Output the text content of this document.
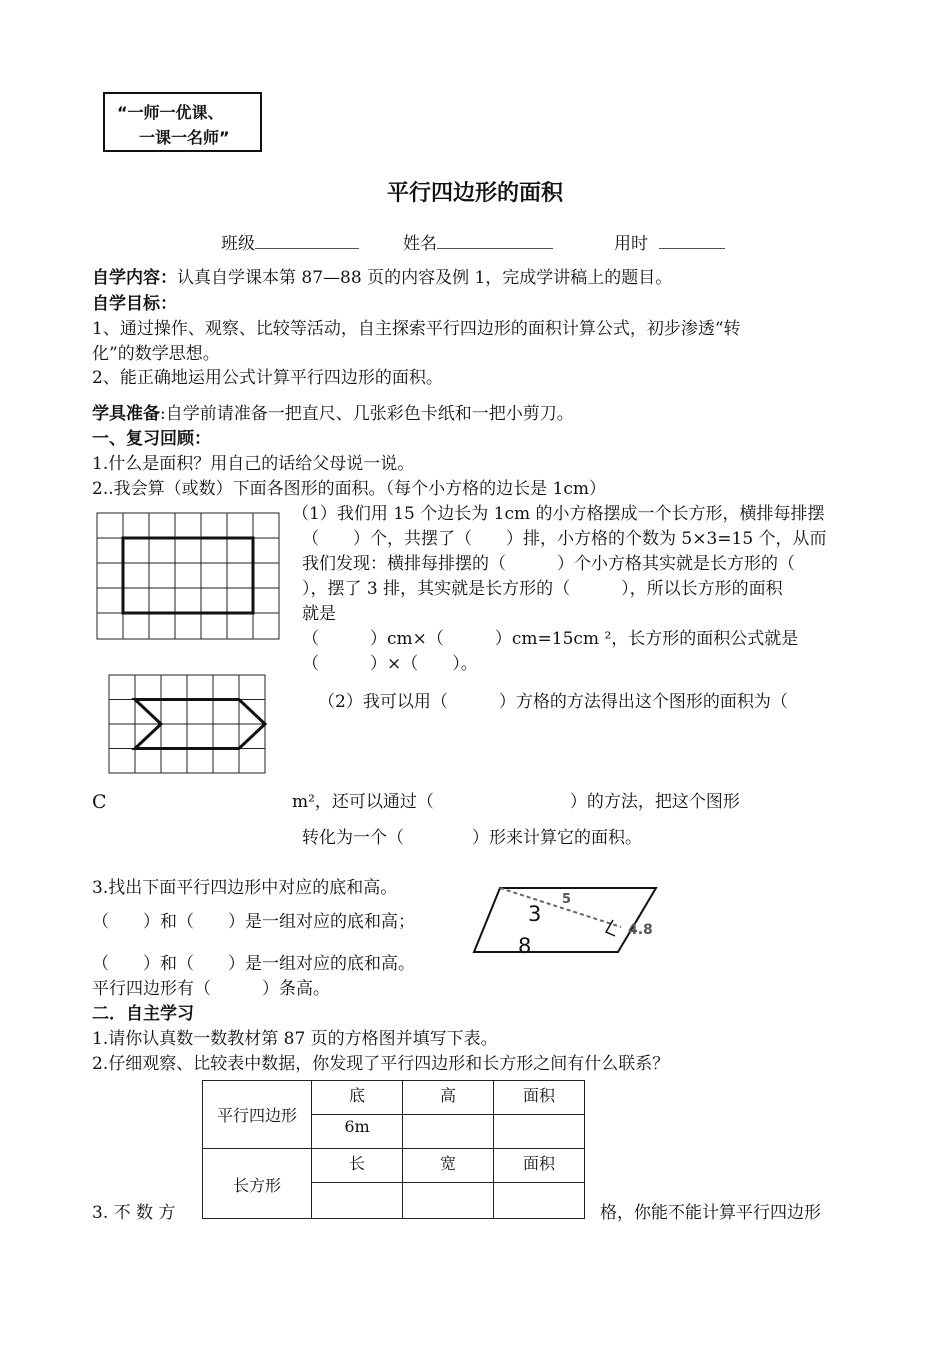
“一师一优课、
一课一名师”
平行四边形的面积
班级	姓名	用时
自学内容：认真自学课本第 87—88 页的内容及例 1，完成学讲稿上的题目。
自学目标：
1、通过操作、观察、比较等活动，自主探索平行四边形的面积计算公式，初步渗透“转
化”的数学思想。
2、能正确地运用公式计算平行四边形的面积。
学具准备:自学前请准备一把直尺、几张彩色卡纸和一把小剪刀。
一、复习回顾：
1.什么是面积？用自己的话给父母说一说。
2..我会算（或数）下面各图形的面积。（每个小方格的边长是 1cm）
（1）我们用 15 个边长为 1cm 的小方格摆成一个长方形，横排每排摆
（　　）个，共摆了（　　）排，小方格的个数为 5×3=15 个，从而
我们发现：横排每排摆的（　　　）个小方格其实就是长方形的（
），摆了 3 排，其实就是长方形的（　　　），所以长方形的面积
就是
（　　　）cm×（　　　）cm=15cm ²，长方形的面积公式就是
（　　　）×（　　）。
（2）我可以用（　　　）方格的方法得出这个图形的面积为（
C	m²，还可以通过（　　　　　　　　）的方法，把这个图形
转化为一个（　　　　）形来计算它的面积。
3.找出下面平行四边形中对应的底和高。
（　　）和（　　）是一组对应的底和高；
（　　）和（　　）是一组对应的底和高。
平行四边形有（　　　）条高。
5
4.8
3
8
二．自主学习
1.请你认真数一数教材第 87 页的方格图并填写下表。
2.仔细观察、比较表中数据，你发现了平行四边形和长方形之间有什么联系？
平行四边形	底	高	面积
	6m		
长方形	长	宽	面积

3. 不 数 方	格，你能不能计算平行四边形
